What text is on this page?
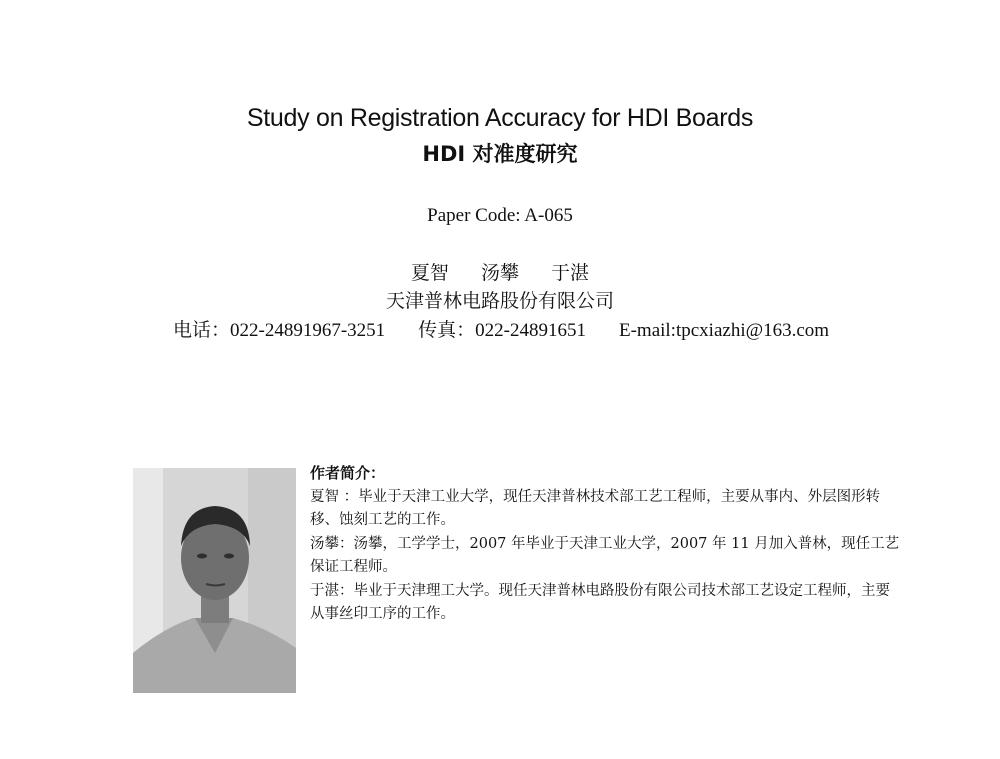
Study on Registration Accuracy for HDI Boards
HDI 对准度研究
Paper Code: A-065
夏智 汤攀 于湛
天津普林电路股份有限公司
电话：022-24891967-3251 传真：022-24891651 E-mail:tpcxiazhi@163.com

作者简介：

夏智 ：毕业于天津工业大学，现任天津普林技术部工艺工程师，主要从事内、外层图形转移、蚀刻工艺的工作。

汤攀：汤攀，工学学士，2007 年毕业于天津工业大学，2007 年 11 月加入普林，现任工艺保证工程师。

于湛：毕业于天津理工大学。现任天津普林电路股份有限公司技术部工艺设定工程师，主要从事丝印工序的工作。
